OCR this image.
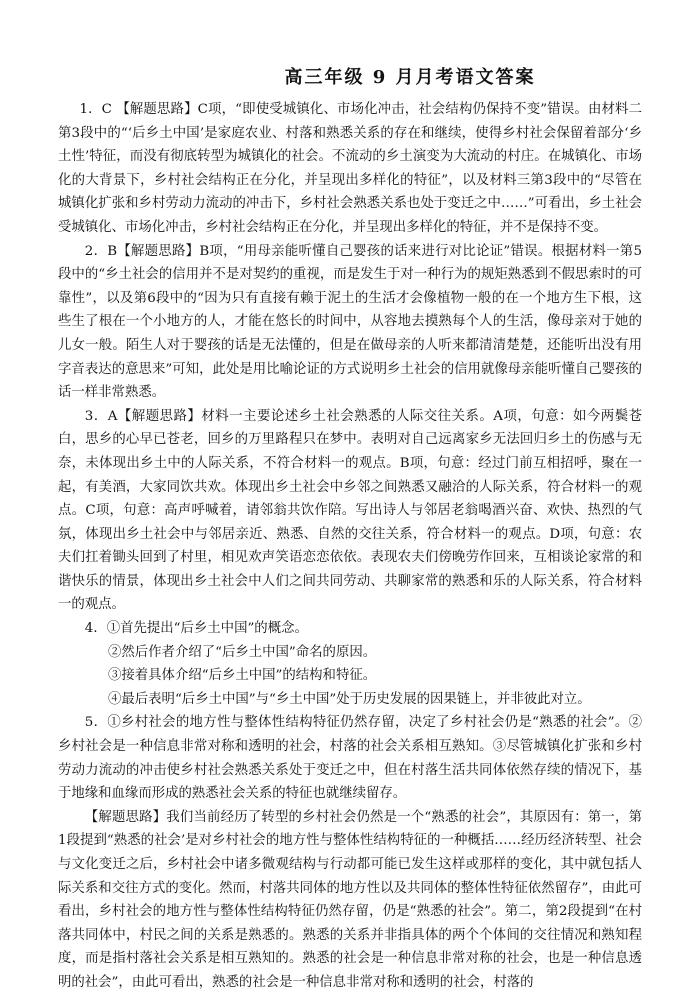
高三年级 9 月月考语文答案

1．C 【解题思路】C项，“即使受城镇化、市场化冲击，社会结构仍保持不变”错误。由材料二第3段中的“‘后乡土中国’是家庭农业、村落和熟悉关系的存在和继续，使得乡村社会保留着部分‘乡土性’特征，而没有彻底转型为城镇化的社会。不流动的乡土演变为大流动的村庄。在城镇化、市场化的大背景下，乡村社会结构正在分化，并呈现出多样化的特征”，以及材料三第3段中的“尽管在城镇化扩张和乡村劳动力流动的冲击下，乡村社会熟悉关系也处于变迁之中……”可看出，乡土社会受城镇化、市场化冲击，乡村社会结构正在分化，并呈现出多样化的特征，并不是保持不变。

2．B【解题思路】B项，“用母亲能听懂自己婴孩的话来进行对比论证”错误。根据材料一第5段中的“乡土社会的信用并不是对契约的重视，而是发生于对一种行为的规矩熟悉到不假思索时的可靠性”，以及第6段中的“因为只有直接有赖于泥土的生活才会像植物一般的在一个地方生下根，这些生了根在一个小地方的人，才能在悠长的时间中，从容地去摸熟每个人的生活，像母亲对于她的儿女一般。陌生人对于婴孩的话是无法懂的，但是在做母亲的人听来都清清楚楚，还能听出没有用字音表达的意思来”可知，此处是用比喻论证的方式说明乡土社会的信用就像母亲能听懂自己婴孩的话一样非常熟悉。

3．A【解题思路】材料一主要论述乡土社会熟悉的人际交往关系。A项，句意：如今两鬓苍白，思乡的心早已苍老，回乡的万里路程只在梦中。表明对自己远离家乡无法回归乡土的伤感与无奈，未体现出乡土中的人际关系，不符合材料一的观点。B项，句意：经过门前互相招呼，聚在一起，有美酒，大家同饮共欢。体现出乡土社会中乡邻之间熟悉又融洽的人际关系，符合材料一的观点。C项，句意：高声呼喊着，请邻翁共饮作陪。写出诗人与邻居老翁喝酒兴奋、欢快、热烈的气氛，体现出乡土社会中与邻居亲近、熟悉、自然的交往关系，符合材料一的观点。D项，句意：农夫们扛着锄头回到了村里，相见欢声笑语恋恋依依。表现农夫们傍晚劳作回来，互相谈论家常的和谐快乐的情景，体现出乡土社会中人们之间共同劳动、共聊家常的熟悉和乐的人际关系，符合材料一的观点。

4．①首先提出“后乡土中国”的概念。

②然后作者介绍了“后乡土中国”命名的原因。

③接着具体介绍“后乡土中国”的结构和特征。

④最后表明“后乡土中国”与“乡土中国”处于历史发展的因果链上，并非彼此对立。

5．①乡村社会的地方性与整体性结构特征仍然存留，决定了乡村社会仍是“熟悉的社会”。②乡村社会是一种信息非常对称和透明的社会，村落的社会关系相互熟知。③尽管城镇化扩张和乡村劳动力流动的冲击使乡村社会熟悉关系处于变迁之中，但在村落生活共同体依然存续的情况下，基于地缘和血缘而形成的熟悉社会关系的特征也就继续留存。

【解题思路】我们当前经历了转型的乡村社会仍然是一个“熟悉的社会”，其原因有：第一，第1段提到“熟悉的社会’是对乡村社会的地方性与整体性结构特征的一种概括……经历经济转型、社会与文化变迁之后，乡村社会中诸多微观结构与行动都可能已发生这样或那样的变化，其中就包括人际关系和交往方式的变化。然而，村落共同体的地方性以及共同体的整体性特征依然留存”，由此可看出，乡村社会的地方性与整体性结构特征仍然存留，仍是“熟悉的社会”。第二，第2段提到“在村落共同体中，村民之间的关系是熟悉的。熟悉的关系并非指具体的两个个体间的交往情况和熟知程度，而是指村落社会关系是相互熟知的。熟悉的社会是一种信息非常对称的社会，也是一种信息透明的社会”，由此可看出，熟悉的社会是一种信息非常对称和透明的社会，村落的
